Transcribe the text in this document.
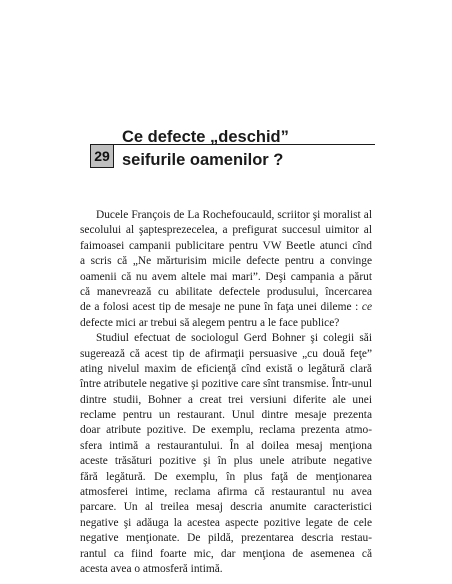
29
Ce defecte „deschid”
seifurile oamenilor ?

Ducele François de La Rochefoucauld, scriitor şi moralist al
secolului al şaptesprezecelea, a prefigurat succesul uimitor al
faimoasei campanii publicitare pentru VW Beetle atunci cînd
a scris că „Ne mărturisim micile defecte pentru a convinge
oamenii că nu avem altele mai mari”. Deşi campania a părut
că manevrează cu abilitate defectele produsului, încercarea
de a folosi acest tip de mesaje ne pune în faţa unei dileme : ce
defecte mici ar trebui să alegem pentru a le face publice?

Studiul efectuat de sociologul Gerd Bohner şi colegii săi
sugerează că acest tip de afirmaţii persuasive „cu două feţe”
ating nivelul maxim de eficienţă cînd există o legătură clară
între atributele negative şi pozitive care sînt transmise. Într-unul
dintre studii, Bohner a creat trei versiuni diferite ale unei
reclame pentru un restaurant. Unul dintre mesaje prezenta
doar atribute pozitive. De exemplu, reclama prezenta atmo-
sfera intimă a restaurantului. În al doilea mesaj menţiona
aceste trăsături pozitive şi în plus unele atribute negative
fără legătură. De exemplu, în plus faţă de menţionarea
atmosferei intime, reclama afirma că restaurantul nu avea
parcare. Un al treilea mesaj descria anumite caracteristici
negative şi adăuga la acestea aspecte pozitive legate de cele
negative menţionate. De pildă, prezentarea descria restau-
rantul ca fiind foarte mic, dar menţiona de asemenea că
acesta avea o atmosferă intimă.
